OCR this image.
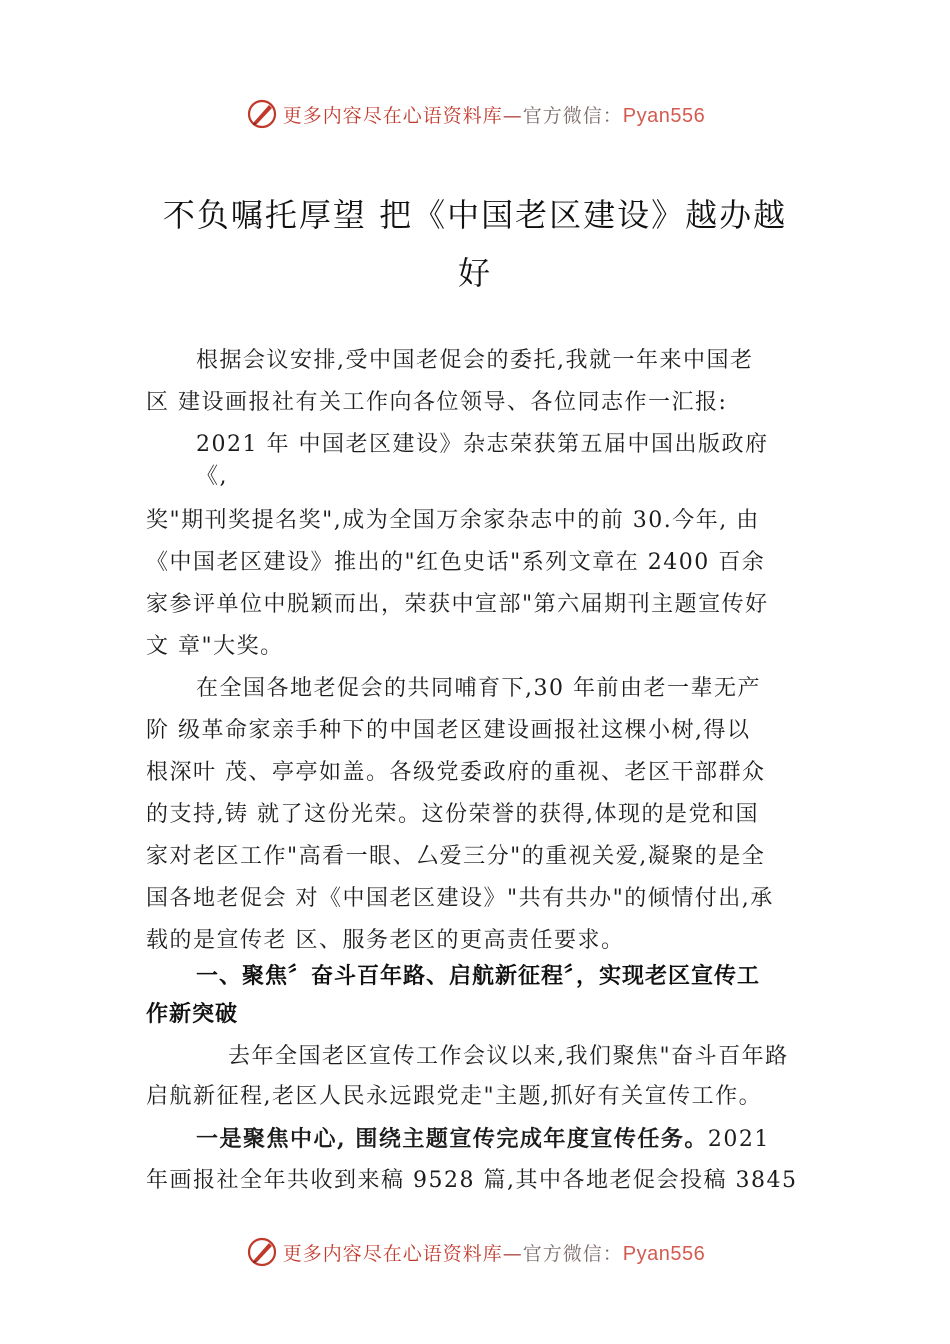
更多内容尽在心语资料库—官方微信：Pyan556
不负嘱托厚望 把《中国老区建设》越办越
好
根据会议安排,受中国老促会的委托,我就一年来中国老
区 建设画报社有关工作向各位领导、各位同志作一汇报:
2021 年 中国老区建设》杂志荣获第五届中国出版政府
《,
奖"期刊奖提名奖",成为全国万余家杂志中的前 30.今年, 由
《中国老区建设》推出的"红色史话"系列文章在 2400 百余
家参评单位中脱颖而出，荣获中宣部"第六届期刊主题宣传好
文 章"大奖。
在全国各地老促会的共同哺育下,30 年前由老一辈无产
阶 级革命家亲手种下的中国老区建设画报社这棵小树,得以
根深叶 茂、亭亭如盖。各级党委政府的重视、老区干部群众
的支持,铸 就了这份光荣。这份荣誉的获得,体现的是党和国
家对老区工作"高看一眼、厶爱三分"的重视关爱,凝聚的是全
国各地老促会 对《中国老区建设》"共有共办"的倾情付出,承
载的是宣传老 区、服务老区的更高责任要求。
一、聚焦〞奋斗百年路、启航新征程〞，实现老区宣传工
作新突破
去年全国老区宣传工作会议以来,我们聚焦"奋斗百年路
启航新征程,老区人民永远跟党走"主题,抓好有关宣传工作。
一是聚焦中心, 围绕主题宣传完成年度宣传任务。2021
年画报社全年共收到来稿 9528 篇,其中各地老促会投稿 3845
更多内容尽在心语资料库—官方微信：Pyan556
